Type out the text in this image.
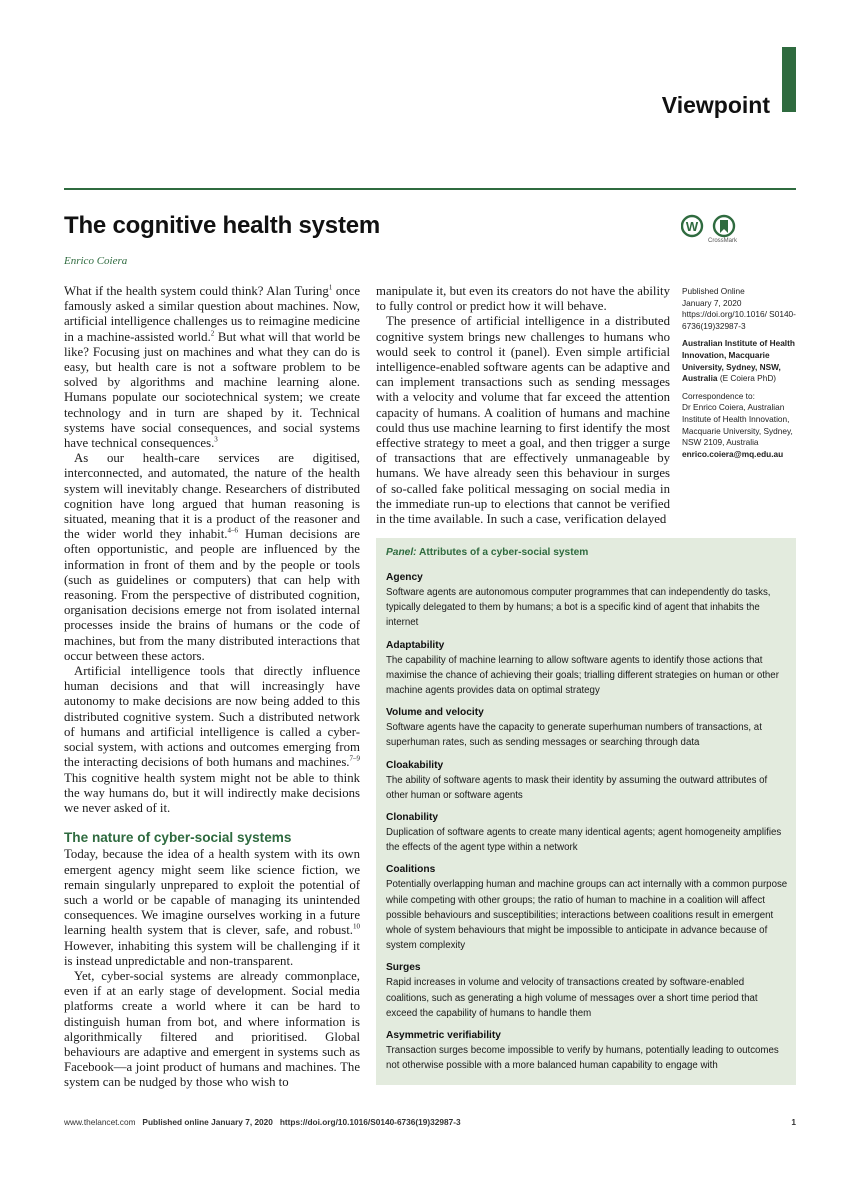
Viewpoint
The cognitive health system
Enrico Coiera
W
CrossMark

What if the health system could think? Alan Turing$^1$ once famously asked a similar question about machines. Now, artificial intelligence challenges us to reimagine medicine in a machine-assisted world.$^2$ But what will that world be like? Focusing just on machines and what they can do is easy, but health care is not a software problem to be solved by algorithms and machine learning alone. Humans populate our sociotechnical system; we create technology and in turn are shaped by it. Technical systems have social consequences, and social systems have technical consequences.$^3$

As our health-care services are digitised, interconnected, and automated, the nature of the health system will inevitably change. Researchers of distributed cognition have long argued that human reasoning is situated, meaning that it is a product of the reasoner and the wider world they inhabit.$^{4-6}$ Human decisions are often opportunistic, and people are influenced by the information in front of them and by the people or tools (such as guidelines or computers) that can help with reasoning. From the perspective of distributed cognition, organisation decisions emerge not from isolated internal processes inside the brains of humans or the code of machines, but from the many distributed interactions that occur between these actors.

Artificial intelligence tools that directly influence human decisions and that will increasingly have autonomy to make decisions are now being added to this distributed cognitive system. Such a distributed network of humans and artificial intelligence is called a cyber-social system, with actions and outcomes emerging from the interacting decisions of both humans and machines.$^{7-9}$ This cognitive health system might not be able to think the way humans do, but it will indirectly make decisions we never asked of it.

The nature of cyber-social systems

Today, because the idea of a health system with its own emergent agency might seem like science fiction, we remain singularly unprepared to exploit the potential of such a world or be capable of managing its unintended consequences. We imagine ourselves working in a future learning health system that is clever, safe, and robust.$^{10}$ However, inhabiting this system will be challenging if it is instead unpredictable and non-transparent.

Yet, cyber-social systems are already commonplace, even if at an early stage of development. Social media platforms create a world where it can be hard to distinguish human from bot, and where information is algorithmically filtered and prioritised. Global behaviours are adaptive and emergent in systems such as Facebook—a joint product of humans and machines. The system can be nudged by those who wish to

manipulate it, but even its creators do not have the ability to fully control or predict how it will behave.

The presence of artificial intelligence in a distributed cognitive system brings new challenges to humans who would seek to control it (panel). Even simple artificial intelligence-enabled software agents can be adaptive and can implement transactions such as sending messages with a velocity and volume that far exceed the attention capacity of humans. A coalition of humans and machine could thus use machine learning to first identify the most effective strategy to meet a goal, and then trigger a surge of transactions that are effectively unmanageable by humans. We have already seen this behaviour in surges of so-called fake political messaging on social media in the immediate run-up to elections that cannot be verified in the time available. In such a case, verification delayed

Published Online
January 7, 2020
https://doi.org/10.1016/ S0140-6736(19)32987-3

Australian Institute of Health Innovation, Macquarie University, Sydney, NSW, Australia (E Coiera PhD)

Correspondence to:
Dr Enrico Coiera, Australian Institute of Health Innovation, Macquarie University, Sydney, NSW 2109, Australia
enrico.coiera@mq.edu.au

Panel: Attributes of a cyber-social system
Agency
Software agents are autonomous computer programmes that can independently do tasks, typically delegated to them by humans; a bot is a specific kind of agent that inhabits the internet
Adaptability
The capability of machine learning to allow software agents to identify those actions that maximise the chance of achieving their goals; trialling different strategies on human or other machine agents provides data on optimal strategy
Volume and velocity
Software agents have the capacity to generate superhuman numbers of transactions, at superhuman rates, such as sending messages or searching through data
Cloakability
The ability of software agents to mask their identity by assuming the outward attributes of other human or software agents
Clonability
Duplication of software agents to create many identical agents; agent homogeneity amplifies the effects of the agent type within a network
Coalitions
Potentially overlapping human and machine groups can act internally with a common purpose while competing with other groups; the ratio of human to machine in a coalition will affect possible behaviours and susceptibilities; interactions between coalitions result in emergent whole of system behaviours that might be impossible to anticipate in advance because of system complexity
Surges
Rapid increases in volume and velocity of transactions created by software-enabled coalitions, such as generating a high volume of messages over a short time period that exceed the capability of humans to handle them
Asymmetric verifiability
Transaction surges become impossible to verify by humans, potentially leading to outcomes not otherwise possible with a more balanced human capability to engage with
www.thelancet.com Published online January 7, 2020 https://doi.org/10.1016/S0140-6736(19)32987-3	1
